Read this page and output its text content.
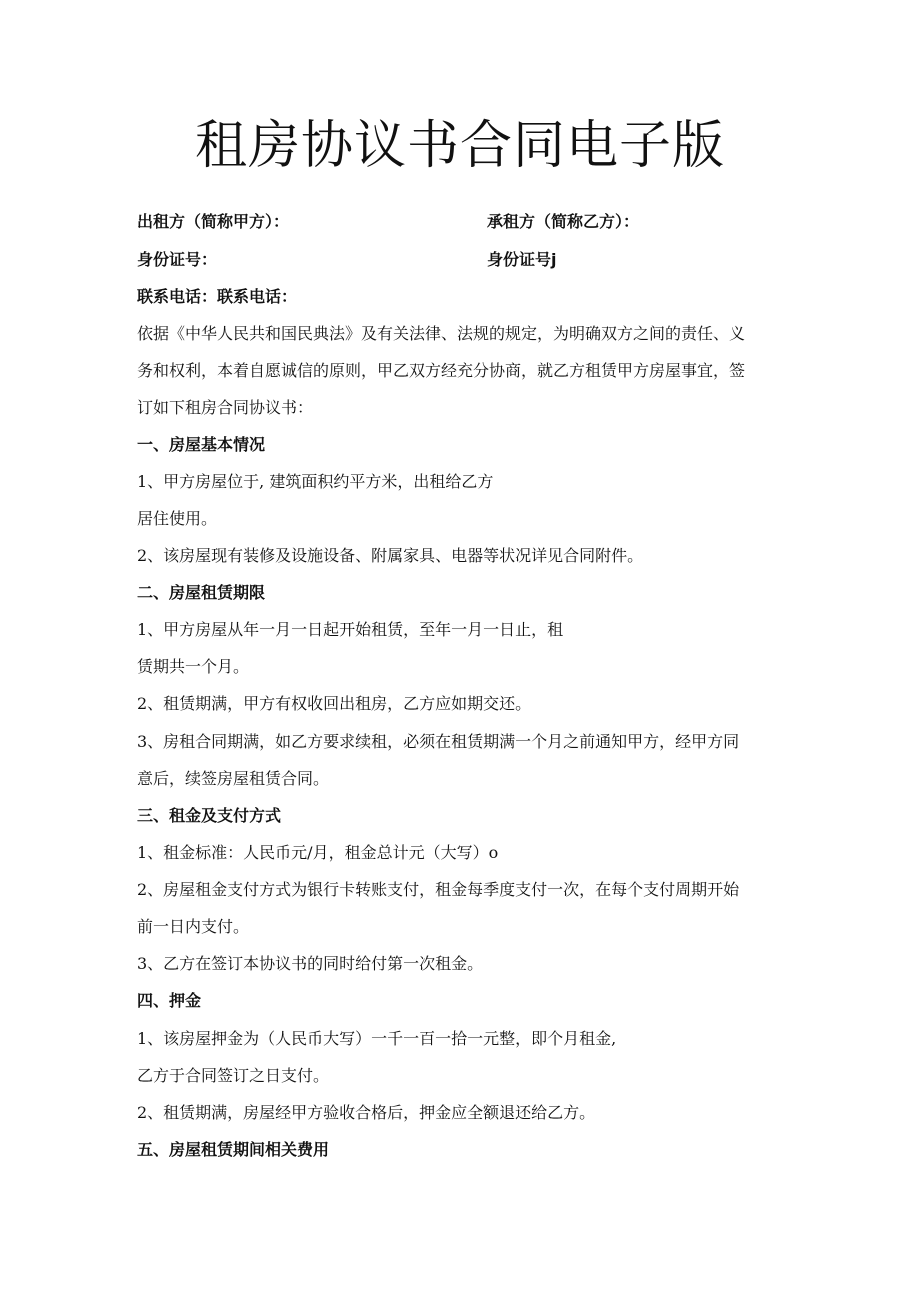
租房协议书合同电子版
出租方（简称甲方）：	承租方（简称乙方）：
身份证号：	身份证号j
联系电话：联系电话：
依据《中华人民共和国民典法》及有关法律、法规的规定，为明确双方之间的责任、义
务和权利，本着自愿诚信的原则，甲乙双方经充分协商，就乙方租赁甲方房屋事宜，签
订如下租房合同协议书：
一、房屋基本情况
1、甲方房屋位于, 建筑面积约平方米，出租给乙方
居住使用。
2、该房屋现有装修及设施设备、附属家具、电器等状况详见合同附件。
二、房屋租赁期限
1、甲方房屋从年一月一日起开始租赁，至年一月一日止，租
赁期共一个月。
2、租赁期满，甲方有权收回出租房，乙方应如期交还。
3、房租合同期满，如乙方要求续租，必须在租赁期满一个月之前通知甲方，经甲方同
意后，续签房屋租赁合同。
三、租金及支付方式
1、租金标准：人民币元/月，租金总计元（大写）o
2、房屋租金支付方式为银行卡转账支付，租金每季度支付一次，在每个支付周期开始
前一日内支付。
3、乙方在签订本协议书的同时给付第一次租金。
四、押金
1、该房屋押金为（人民币大写）一千一百一拾一元整，即个月租金,
乙方于合同签订之日支付。
2、租赁期满，房屋经甲方验收合格后，押金应全额退还给乙方。
五、房屋租赁期间相关费用
